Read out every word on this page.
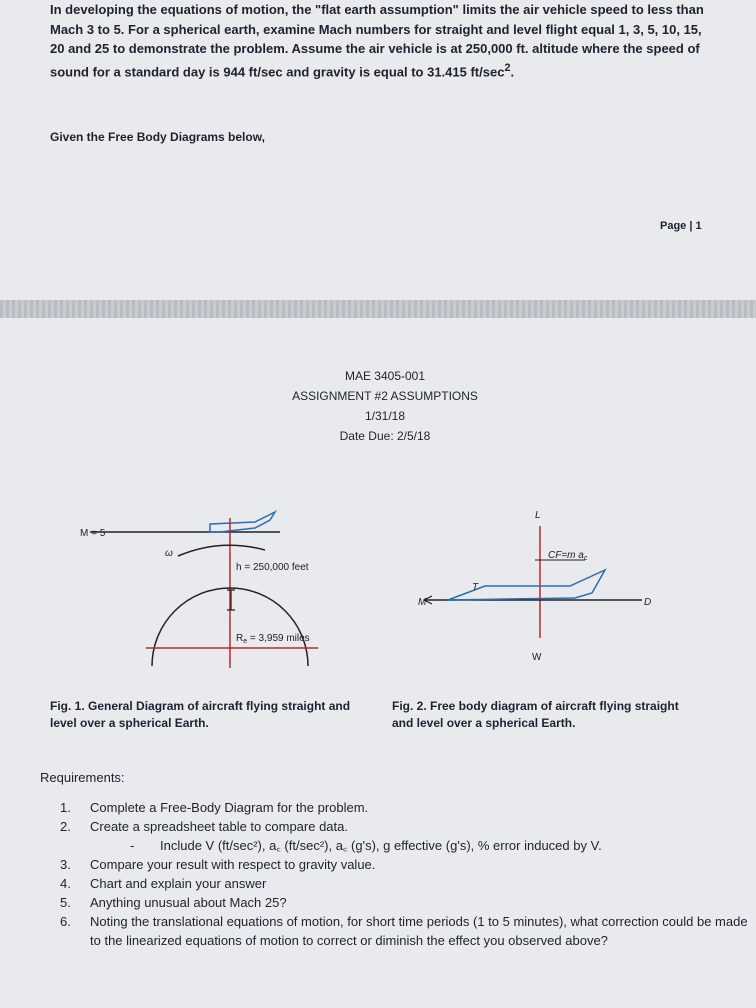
In developing the equations of motion, the "flat earth assumption" limits the air vehicle speed to less than Mach 3 to 5. For a spherical earth, examine Mach numbers for straight and level flight equal 1, 3, 5, 10, 15, 20 and 25 to demonstrate the problem. Assume the air vehicle is at 250,000 ft. altitude where the speed of sound for a standard day is 944 ft/sec and gravity is equal to 31.415 $ft/\sec^2$.

Given the Free Body Diagrams below,

Page | 1
MAE 3405-001
ASSIGNMENT #2 ASSUMPTIONS
1/31/18
Date Due: 2/5/18
M = 5
ω
h = 250,000 feet
$R_e = 3,959$ miles
L
CF=m $a_c$
M
T
D
W

Fig. 1. General Diagram of aircraft flying straight and level over a spherical Earth.

Fig. 2. Free body diagram of aircraft flying straight and level over a spherical Earth.

Requirements:

1.	Complete a Free-Body Diagram for the problem.
2.	Create a spreadsheet table to compare data.
-	Include V (ft/sec²), a꜀ (ft/sec²), a꜀ (g's), g effective (g's), % error induced by V.
3.	Compare your result with respect to gravity value.
4.	Chart and explain your answer
5.	Anything unusual about Mach 25?
6.	Noting the translational equations of motion, for short time periods (1 to 5 minutes), what correction could be made to the linearized equations of motion to correct or diminish the effect you observed above?
